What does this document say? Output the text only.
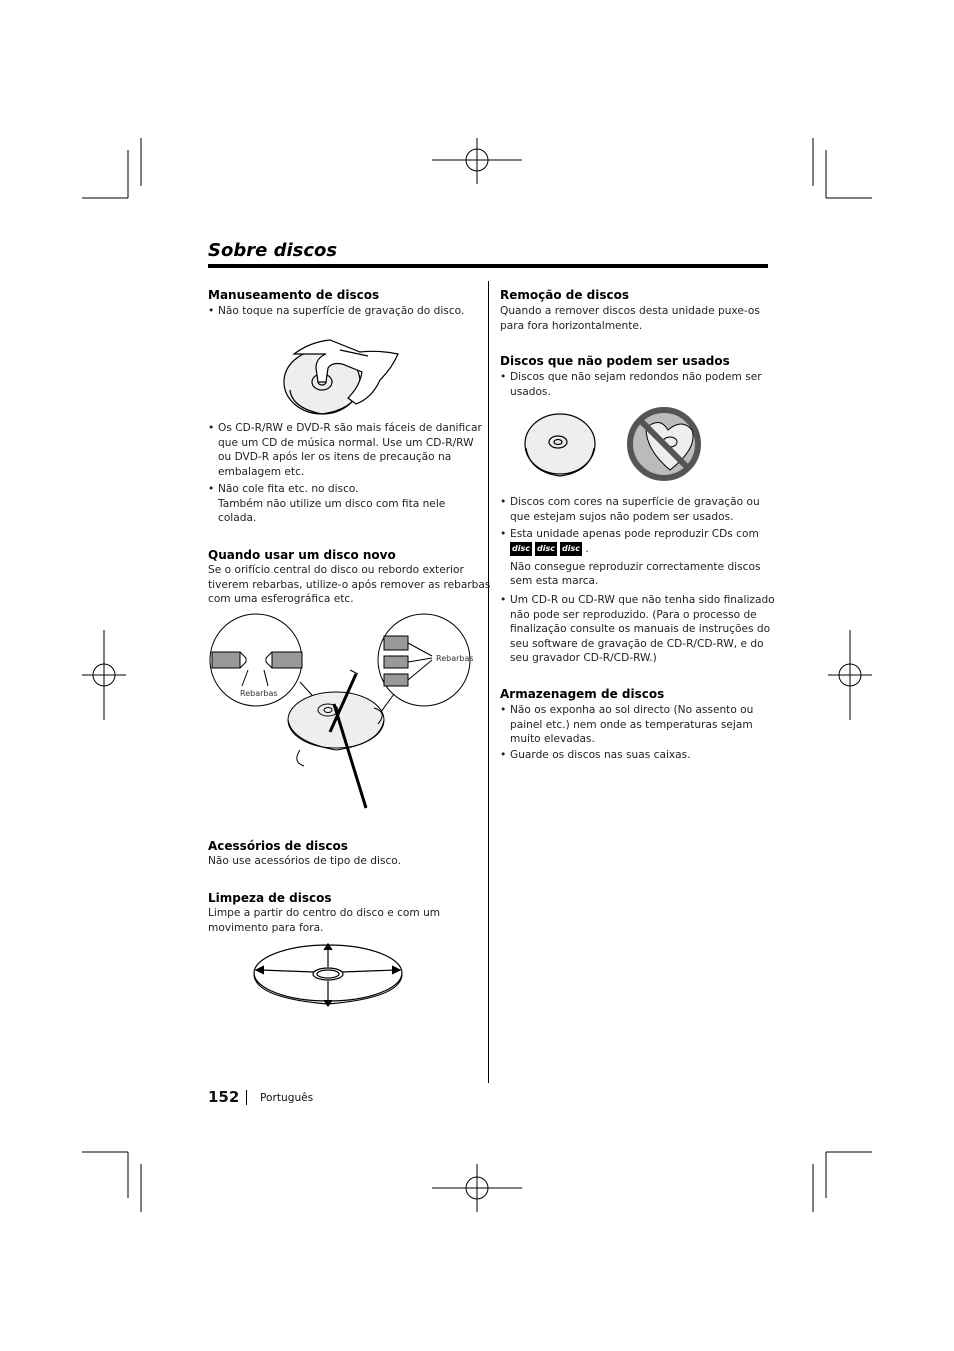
Sobre discos
Manuseamento de discos
• Não toque na superfície de gravação do disco.
• Os CD-R/RW e DVD-R são mais fáceis de danificar
que um CD de música normal. Use um CD-R/RW
ou DVD-R após ler os itens de precaução na
embalagem etc.
• Não cole fita etc. no disco.
Também não utilize um disco com fita nele
colada.
Quando usar um disco novo
Se o orifício central do disco ou rebordo exterior
tiverem rebarbas, utilize-o após remover as rebarbas
com uma esferográfica etc.
Rebarbas
Rebarbas
Acessórios de discos
Não use acessórios de tipo de disco.
Limpeza de discos
Limpe a partir do centro do disco e com um
movimento para fora.
152 Português
Remoção de discos
Quando a remover discos desta unidade puxe-os
para fora horizontalmente.
Discos que não podem ser usados
• Discos que não sejam redondos não podem ser
usados.
• Discos com cores na superfície de gravação ou
que estejam sujos não podem ser usados.
• Esta unidade apenas pode reproduzir CDs com
disc disc disc .
Não consegue reproduzir correctamente discos
sem esta marca.
• Um CD-R ou CD-RW que não tenha sido finalizado
não pode ser reproduzido. (Para o processo de
finalização consulte os manuais de instruções do
seu software de gravação de CD-R/CD-RW, e do
seu gravador CD-R/CD-RW.)
Armazenagem de discos
• Não os exponha ao sol directo (No assento ou
painel etc.) nem onde as temperaturas sejam
muito elevadas.
• Guarde os discos nas suas caixas.
